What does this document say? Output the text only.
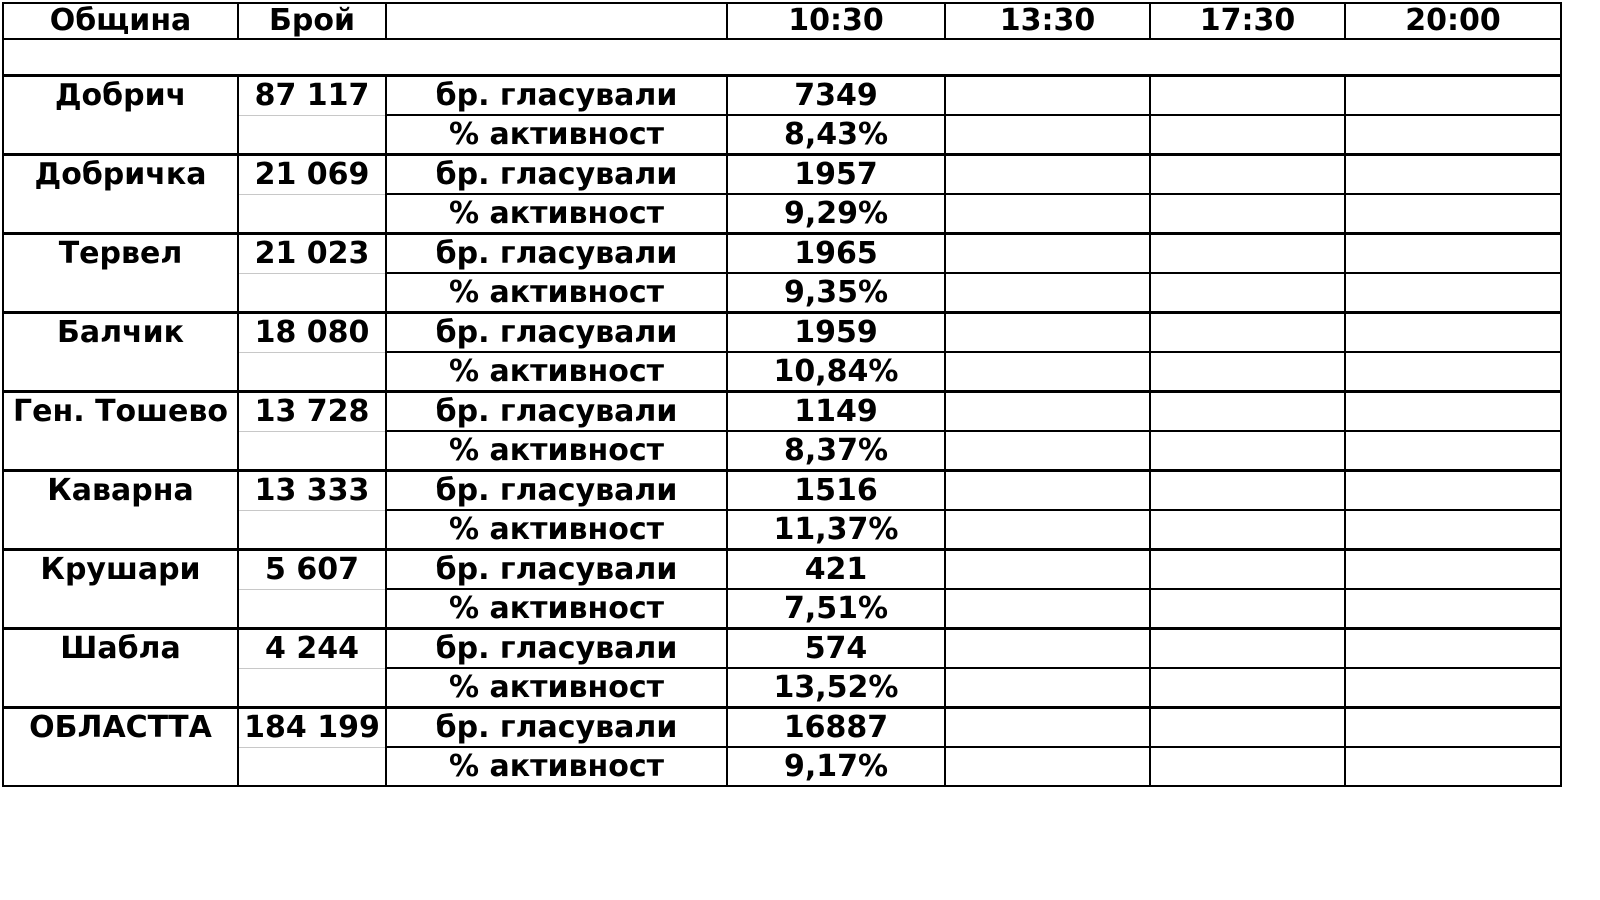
Община	Брой		10:30	13:30	17:30	20:00

Добрич	87 117	бр. гласували	7349			
		% активност	8,43%			
Добричка	21 069	бр. гласували	1957			
		% активност	9,29%			
Тервел	21 023	бр. гласували	1965			
		% активност	9,35%			
Балчик	18 080	бр. гласували	1959			
		% активност	10,84%			
Ген. Тошево	13 728	бр. гласували	1149			
		% активност	8,37%			
Каварна	13 333	бр. гласували	1516			
		% активност	11,37%			
Крушари	5 607	бр. гласували	421			
		% активност	7,51%			
Шабла	4 244	бр. гласували	574			
		% активност	13,52%			
ОБЛАСТТА	184 199	бр. гласували	16887			
		% активност	9,17%			
